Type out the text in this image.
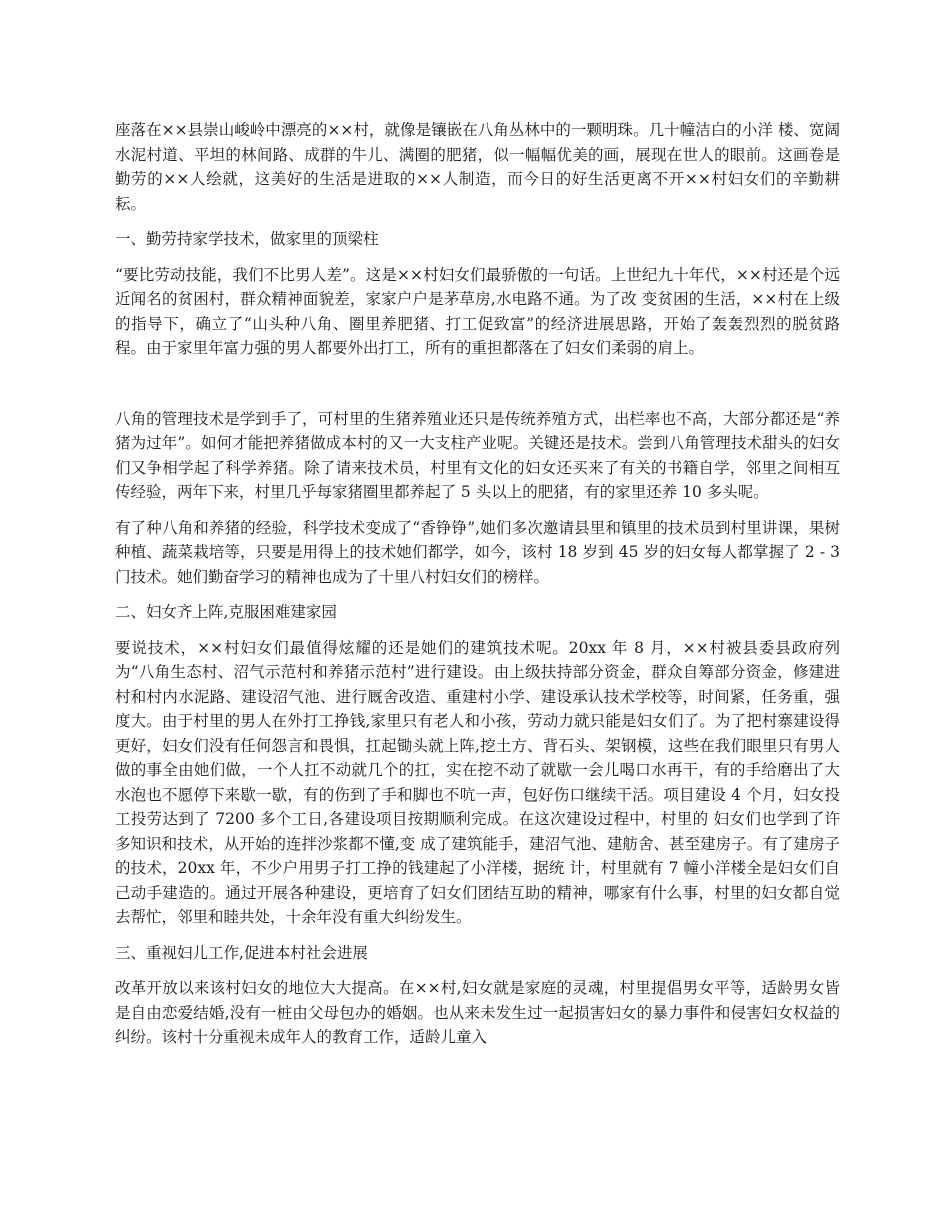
座落在××县崇山峻岭中漂亮的××村，就像是镶嵌在八角丛林中的一颗明珠。几十幢洁白的小洋 楼、宽阔水泥村道、平坦的林间路、成群的牛儿、满圈的肥猪，似一幅幅优美的画，展现在世人的眼前。这画卷是勤劳的××人绘就，这美好的生活是进取的××人制造，而今日的好生活更离不开××村妇女们的辛勤耕耘。

一、勤劳持家学技术，做家里的顶梁柱

“要比劳动技能，我们不比男人差”。这是××村妇女们最骄傲的一句话。上世纪九十年代，××村还是个远近闻名的贫困村，群众精神面貌差，家家户户是茅草房,水电路不通。为了改 变贫困的生活，××村在上级的指导下，确立了“山头种八角、圈里养肥猪、打工促致富”的经济进展思路，开始了轰轰烈烈的脱贫路程。由于家里年富力强的男人都要外出打工，所有的重担都落在了妇女们柔弱的肩上。

八角的管理技术是学到手了，可村里的生猪养殖业还只是传统养殖方式，出栏率也不高，大部分都还是“养猪为过年”。如何才能把养猪做成本村的又一大支柱产业呢。关键还是技术。尝到八角管理技术甜头的妇女们又争相学起了科学养猪。除了请来技术员，村里有文化的妇女还买来了有关的书籍自学，邻里之间相互传经验，两年下来，村里几乎每家猪圈里都养起了 5 头以上的肥猪，有的家里还养 10 多头呢。

有了种八角和养猪的经验，科学技术变成了“香铮铮”,她们多次邀请县里和镇里的技术员到村里讲课，果树种植、蔬菜栽培等，只要是用得上的技术她们都学，如今，该村 18 岁到 45 岁的妇女每人都掌握了 2 - 3 门技术。她们勤奋学习的精神也成为了十里八村妇女们的榜样。

二、妇女齐上阵,克服困难建家园

要说技术，××村妇女们最值得炫耀的还是她们的建筑技术呢。20xx 年 8 月，××村被县委县政府列为“八角生态村、沼气示范村和养猪示范村”进行建设。由上级扶持部分资金，群众自筹部分资金，修建进村和村内水泥路、建设沼气池、进行厩舍改造、重建村小学、建设承认技术学校等，时间紧，任务重，强度大。由于村里的男人在外打工挣钱,家里只有老人和小孩，劳动力就只能是妇女们了。为了把村寨建设得更好，妇女们没有任何怨言和畏惧，扛起锄头就上阵,挖土方、背石头、架钢模，这些在我们眼里只有男人做的事全由她们做，一个人扛不动就几个的扛，实在挖不动了就歇一会儿喝口水再干，有的手给磨出了大水泡也不愿停下来歇一歇，有的伤到了手和脚也不吭一声，包好伤口继续干活。项目建设 4 个月，妇女投工投劳达到了 7200 多个工日,各建设项目按期顺利完成。在这次建设过程中，村里的 妇女们也学到了许多知识和技术，从开始的连拌沙浆都不懂,变 成了建筑能手，建沼气池、建舫舍、甚至建房子。有了建房子的技术，20xx 年，不少户用男子打工挣的钱建起了小洋楼，据统 计，村里就有 7 幢小洋楼全是妇女们自己动手建造的。通过开展各种建设，更培育了妇女们团结互助的精神，哪家有什么事，村里的妇女都自觉去帮忙，邻里和睦共处，十余年没有重大纠纷发生。

三、重视妇儿工作,促进本村社会进展

改革开放以来该村妇女的地位大大提高。在××村,妇女就是家庭的灵魂，村里提倡男女平等，适龄男女皆是自由恋爱结婚,没有一桩由父母包办的婚姻。也从来未发生过一起损害妇女的暴力事件和侵害妇女权益的纠纷。该村十分重视未成年人的教育工作，适龄儿童入
